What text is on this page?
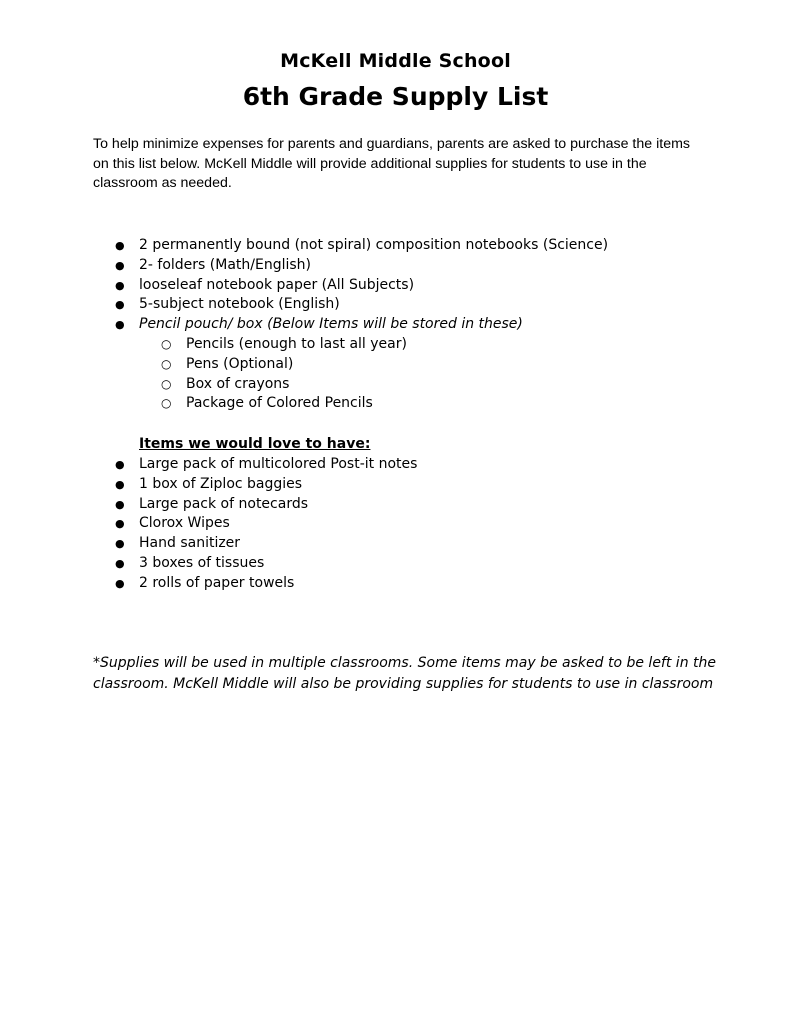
McKell Middle School
6th Grade Supply List
To help minimize expenses for parents and guardians, parents are asked to purchase the items on this list below. McKell Middle will provide additional supplies for students to use in the classroom as needed.
● 2 permanently bound (not spiral) composition notebooks (Science)
● 2- folders (Math/English)
● looseleaf notebook paper (All Subjects)
● 5-subject notebook (English)
● Pencil pouch/ box (Below Items will be stored in these)
○ Pencils (enough to last all year)
○ Pens (Optional)
○ Box of crayons
○ Package of Colored Pencils
Items we would love to have:
● Large pack of multicolored Post-it notes
● 1 box of Ziploc baggies
● Large pack of notecards
● Clorox Wipes
● Hand sanitizer
● 3 boxes of tissues
● 2 rolls of paper towels
*Supplies will be used in multiple classrooms. Some items may be asked to be left in the classroom. McKell Middle will also be providing supplies for students to use in classroom
